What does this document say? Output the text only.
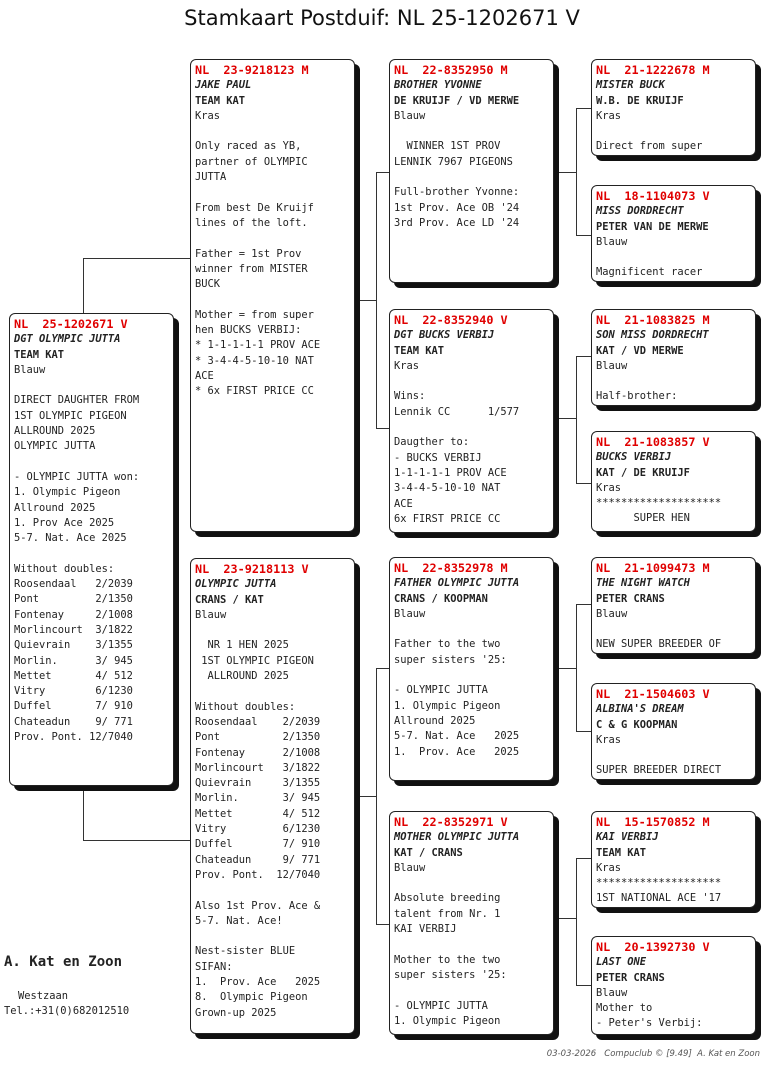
Stamkaart Postduif: NL 25-1202671 V
NL  25-1202671 V
DGT OLYMPIC JUTTA
TEAM KAT
Blauw

DIRECT DAUGHTER FROM
1ST OLYMPIC PIGEON
ALLROUND 2025
OLYMPIC JUTTA

- OLYMPIC JUTTA won:
1. Olympic Pigeon
Allround 2025
1. Prov Ace 2025
5-7. Nat. Ace 2025

Without doubles:
Roosendaal   2/2039
Pont         2/1350
Fontenay     2/1008
Morlincourt  3/1822
Quievrain    3/1355
Morlin.      3/ 945
Mettet       4/ 512
Vitry        6/1230
Duffel       7/ 910
Chateadun    9/ 771
Prov. Pont. 12/7040
NL  23-9218123 M
JAKE PAUL
TEAM KAT
Kras

Only raced as YB,
partner of OLYMPIC
JUTTA

From best De Kruijf
lines of the loft.

Father = 1st Prov
winner from MISTER
BUCK

Mother = from super
hen BUCKS VERBIJ:
* 1-1-1-1-1 PROV ACE
* 3-4-4-5-10-10 NAT
ACE
* 6x FIRST PRICE CC
NL  23-9218113 V
OLYMPIC JUTTA
CRANS / KAT
Blauw

NR 1 HEN 2025
1ST OLYMPIC PIGEON
ALLROUND 2025

Without doubles:
Roosendaal    2/2039
Pont          2/1350
Fontenay      2/1008
Morlincourt   3/1822
Quievrain     3/1355
Morlin.       3/ 945
Mettet        4/ 512
Vitry         6/1230
Duffel        7/ 910
Chateadun     9/ 771
Prov. Pont.  12/7040

Also 1st Prov. Ace &
5-7. Nat. Ace!

Nest-sister BLUE
SIFAN:
1.  Prov. Ace   2025
8.  Olympic Pigeon
Grown-up 2025
NL  22-8352950 M
BROTHER YVONNE
DE KRUIJF / VD MERWE
Blauw

WINNER 1ST PROV
LENNIK 7967 PIGEONS

Full-brother Yvonne:
1st Prov. Ace OB '24
3rd Prov. Ace LD '24
NL  22-8352940 V
DGT BUCKS VERBIJ
TEAM KAT
Kras

Wins:
Lennik CC      1/577

Daugther to:
- BUCKS VERBIJ
1-1-1-1-1 PROV ACE
3-4-4-5-10-10 NAT
ACE
6x FIRST PRICE CC
NL  22-8352978 M
FATHER OLYMPIC JUTTA
CRANS / KOOPMAN
Blauw

Father to the two
super sisters '25:

- OLYMPIC JUTTA
1. Olympic Pigeon
Allround 2025
5-7. Nat. Ace   2025
1.  Prov. Ace   2025
NL  22-8352971 V
MOTHER OLYMPIC JUTTA
KAT / CRANS
Blauw

Absolute breeding
talent from Nr. 1
KAI VERBIJ

Mother to the two
super sisters '25:

- OLYMPIC JUTTA
1. Olympic Pigeon
NL  21-1222678 M
MISTER BUCK
W.B. DE KRUIJF
Kras

Direct from super
NL  18-1104073 V
MISS DORDRECHT
PETER VAN DE MERWE
Blauw

Magnificent racer
NL  21-1083825 M
SON MISS DORDRECHT
KAT / VD MERWE
Blauw

Half-brother:
NL  21-1083857 V
BUCKS VERBIJ
KAT / DE KRUIJF
Kras
********************
SUPER HEN
NL  21-1099473 M
THE NIGHT WATCH
PETER CRANS
Blauw

NEW SUPER BREEDER OF
NL  21-1504603 V
ALBINA'S DREAM
C & G KOOPMAN
Kras

SUPER BREEDER DIRECT
NL  15-1570852 M
KAI VERBIJ
TEAM KAT
Kras
********************
1ST NATIONAL ACE '17
NL  20-1392730 V
LAST ONE
PETER CRANS
Blauw
Mother to
- Peter's Verbij:
A. Kat en Zoon
Westzaan
Tel.:+31(0)682012510
03-03-2026   Compuclub © [9.49]  A. Kat en Zoon
